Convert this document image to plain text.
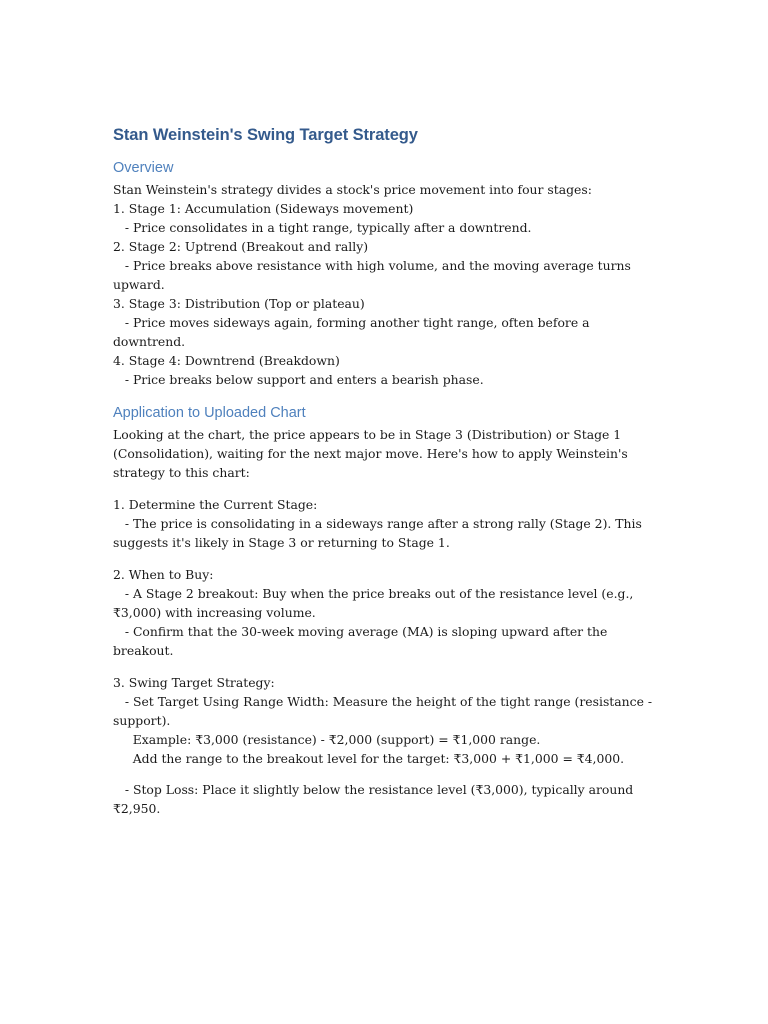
Stan Weinstein's Swing Target Strategy
Overview

Stan Weinstein's strategy divides a stock's price movement into four stages:

1. Stage 1: Accumulation (Sideways movement)

- Price consolidates in a tight range, typically after a downtrend.

2. Stage 2: Uptrend (Breakout and rally)

- Price breaks above resistance with high volume, and the moving average turns upward.

3. Stage 3: Distribution (Top or plateau)

- Price moves sideways again, forming another tight range, often before a downtrend.

4. Stage 4: Downtrend (Breakdown)

- Price breaks below support and enters a bearish phase.

Application to Uploaded Chart

Looking at the chart, the price appears to be in Stage 3 (Distribution) or Stage 1 (Consolidation), waiting for the next major move. Here's how to apply Weinstein's strategy to this chart:

1. Determine the Current Stage:

- The price is consolidating in a sideways range after a strong rally (Stage 2). This suggests it's likely in Stage 3 or returning to Stage 1.

2. When to Buy:

- A Stage 2 breakout: Buy when the price breaks out of the resistance level (e.g., ₹3,000) with increasing volume.

- Confirm that the 30-week moving average (MA) is sloping upward after the breakout.

3. Swing Target Strategy:

- Set Target Using Range Width: Measure the height of the tight range (resistance - support).

Example: ₹3,000 (resistance) - ₹2,000 (support) = ₹1,000 range.

Add the range to the breakout level for the target: ₹3,000 + ₹1,000 = ₹4,000.

- Stop Loss: Place it slightly below the resistance level (₹3,000), typically around ₹2,950.
